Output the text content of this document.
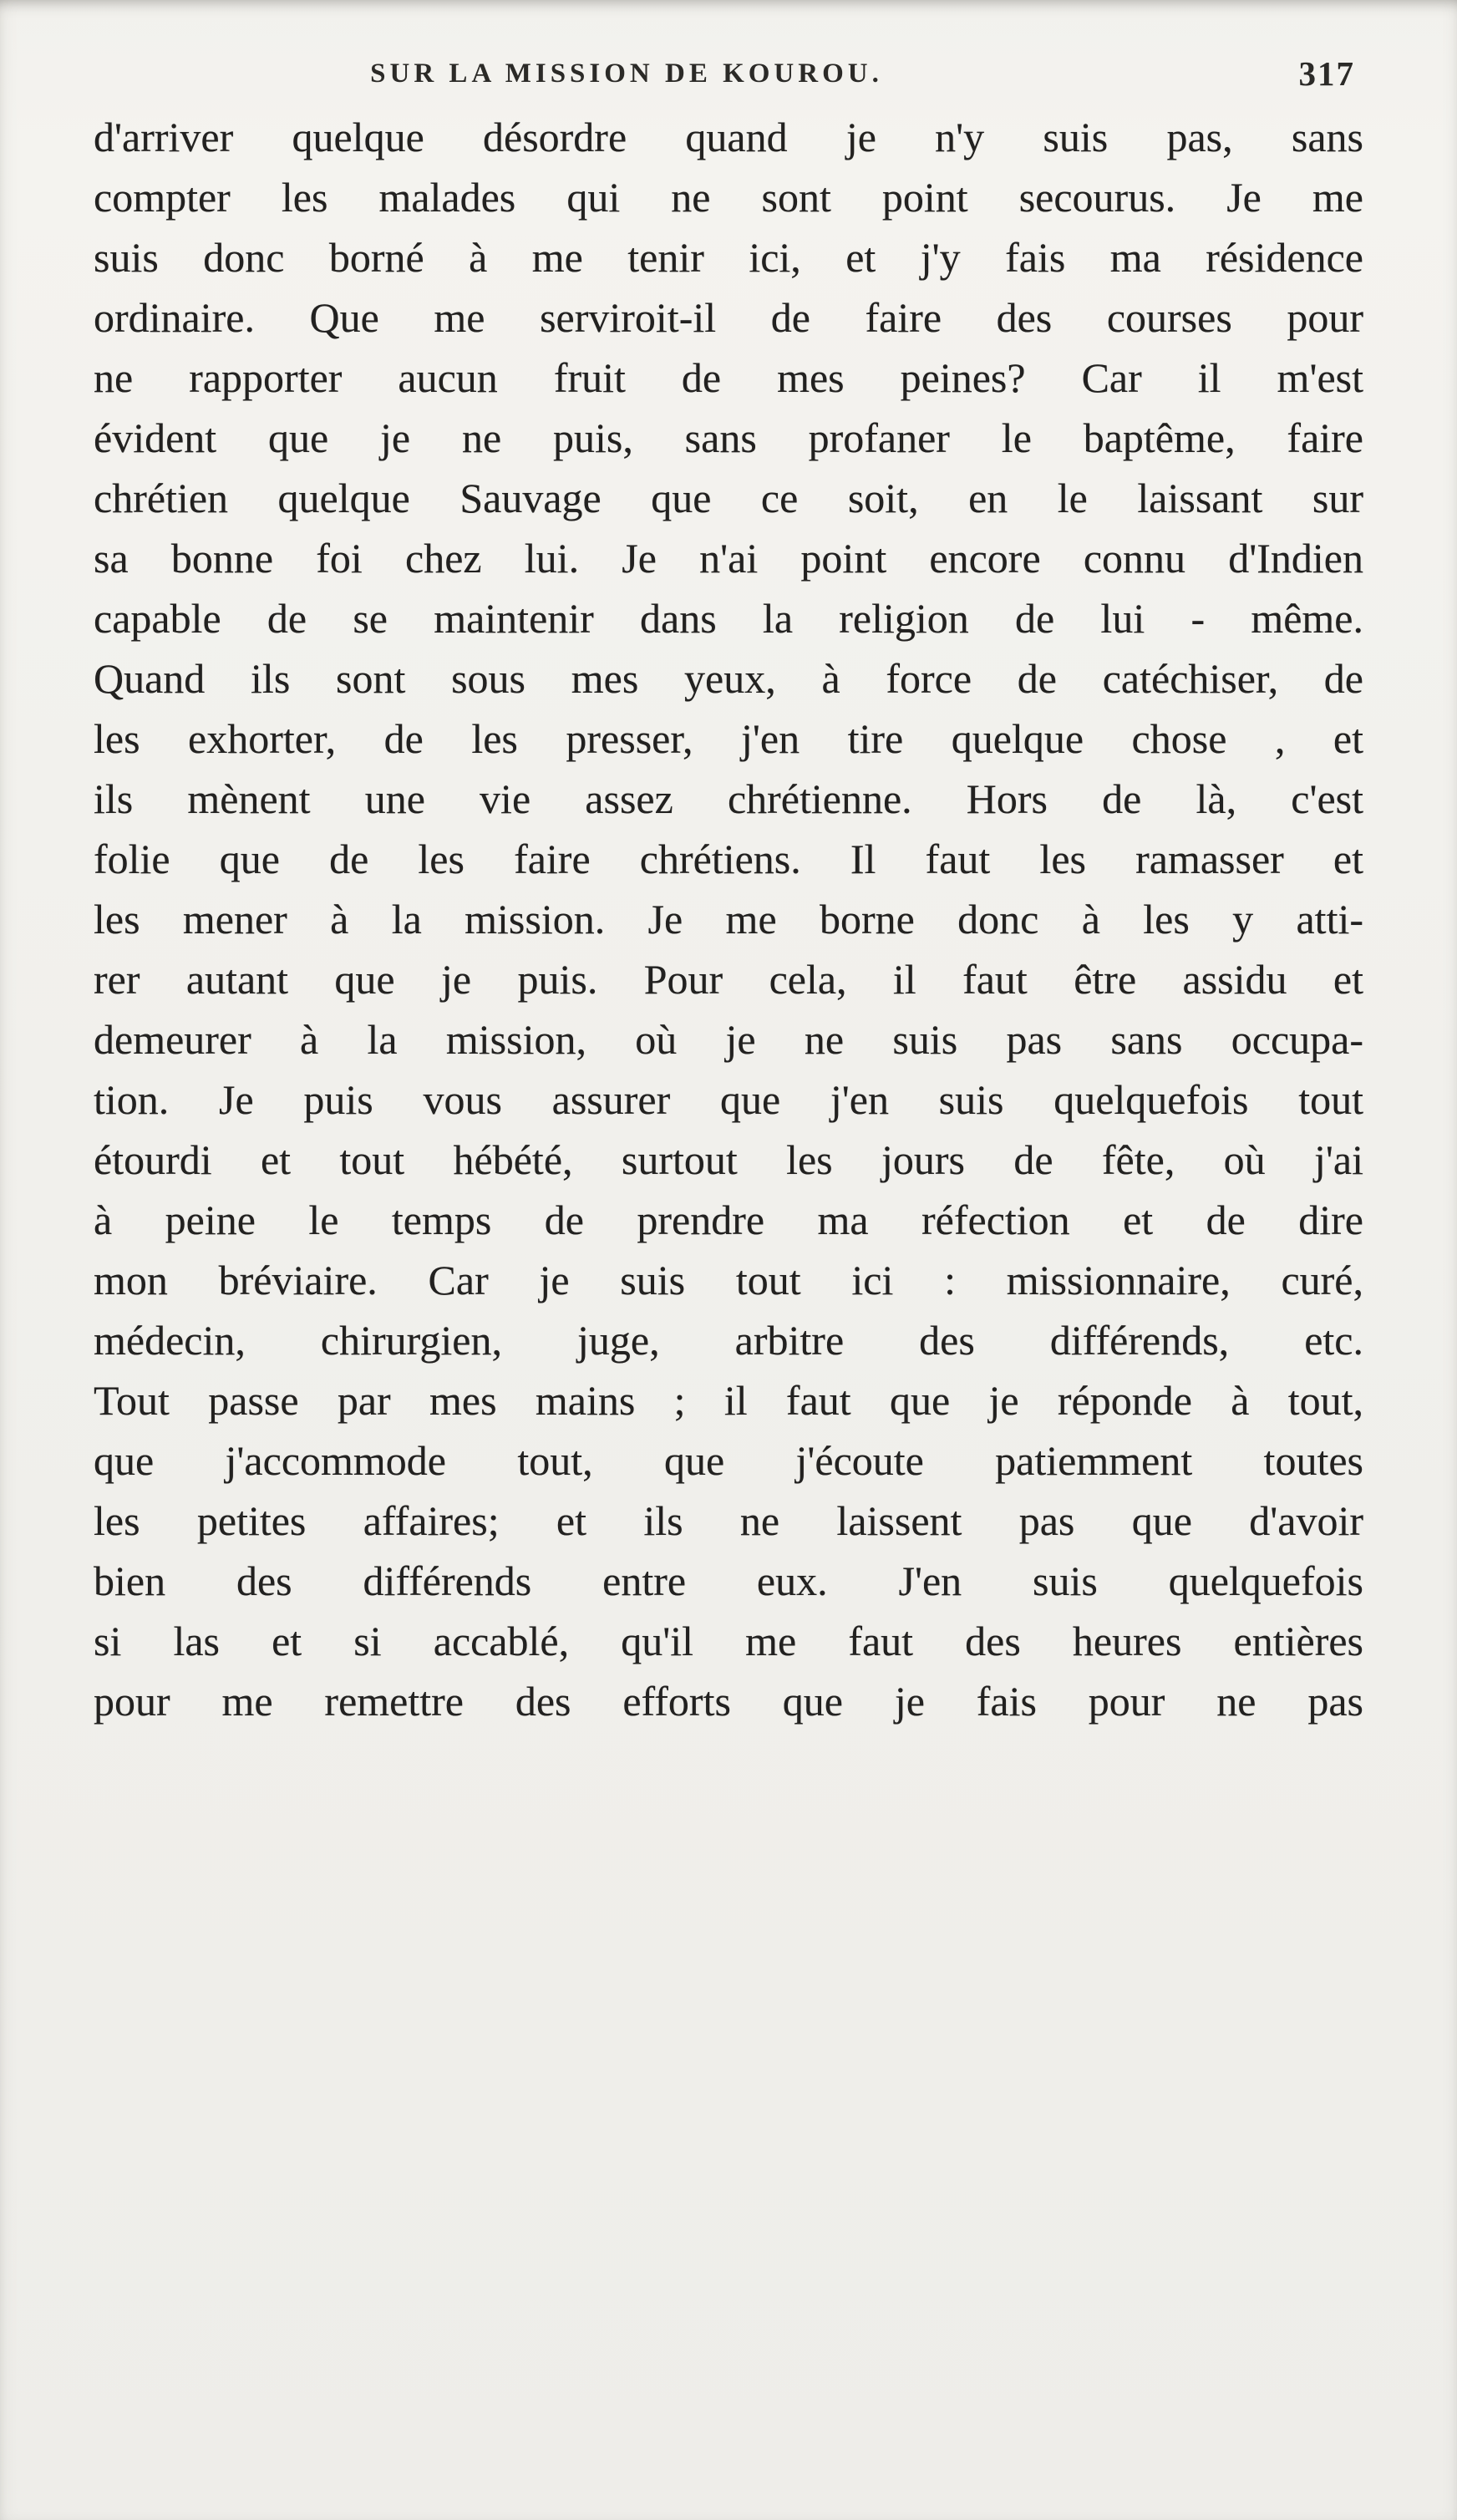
SUR LA MISSION DE KOUROU.	317
d'arriver quelque désordre quand je n'y suis pas, sans
compter les malades qui ne sont point secourus. Je me
suis donc borné à me tenir ici, et j'y fais ma résidence
ordinaire. Que me serviroit-il de faire des courses pour
ne rapporter aucun fruit de mes peines? Car il m'est
évident que je ne puis, sans profaner le baptême, faire
chrétien quelque Sauvage que ce soit, en le laissant sur
sa bonne foi chez lui. Je n'ai point encore connu d'Indien
capable de se maintenir dans la religion de lui - même.
Quand ils sont sous mes yeux, à force de catéchiser, de
les exhorter, de les presser, j'en tire quelque chose , et
ils mènent une vie assez chrétienne. Hors de là, c'est
folie que de les faire chrétiens. Il faut les ramasser et
les mener à la mission. Je me borne donc à les y atti-
rer autant que je puis. Pour cela, il faut être assidu et
demeurer à la mission, où je ne suis pas sans occupa-
tion. Je puis vous assurer que j'en suis quelquefois tout
étourdi et tout hébété, surtout les jours de fête, où j'ai
à peine le temps de prendre ma réfection et de dire
mon bréviaire. Car je suis tout ici : missionnaire, curé,
médecin, chirurgien, juge, arbitre des différends, etc.
Tout passe par mes mains ; il faut que je réponde à tout,
que j'accommode tout, que j'écoute patiemment toutes
les petites affaires; et ils ne laissent pas que d'avoir
bien des différends entre eux. J'en suis quelquefois
si las et si accablé, qu'il me faut des heures entières
pour me remettre des efforts que je fais pour ne pas
